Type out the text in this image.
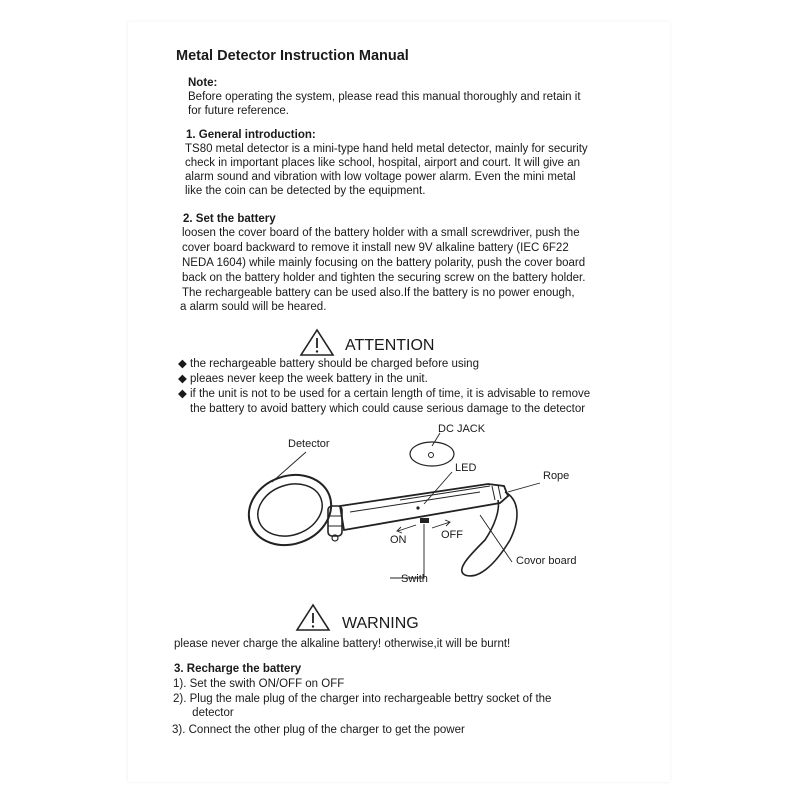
Metal Detector Instruction Manual
Note:
Before operating the system, please read this manual thoroughly and retain it
for future reference.
1. General introduction:
TS80 metal detector is a mini-type hand held metal detector, mainly for security
check in important places like school, hospital, airport and court. It will give an
alarm sound and vibration with low voltage power alarm. Even the mini metal
like the coin can be detected by the equipment.
2. Set the battery
loosen the cover board of the battery holder with a small screwdriver, push the
cover board backward to remove it install new 9V alkaline battery (IEC 6F22
NEDA 1604) while mainly focusing on the battery polarity, push the cover board
back on the battery holder and tighten the securing screw on the battery holder.
The rechargeable battery can be used also.If the battery is no power enough,
a alarm sould will be heared.
ATTENTION
◆ the rechargeable battery should be charged before using
◆ pleaes never keep the week battery in the unit.
◆ if the unit is not to be used for a certain length of time, it is advisable to remove
the battery to avoid battery which could cause serious damage to the detector
Detector
DC JACK
LED
Rope
ON	OFF
Covor board
Swith
WARNING
please never charge the alkaline battery! otherwise,it will be burnt!
3. Recharge the battery
1). Set the swith ON/OFF on OFF
2). Plug the male plug of the charger into rechargeable bettry socket of the
detector
3). Connect the other plug of the charger to get the power
